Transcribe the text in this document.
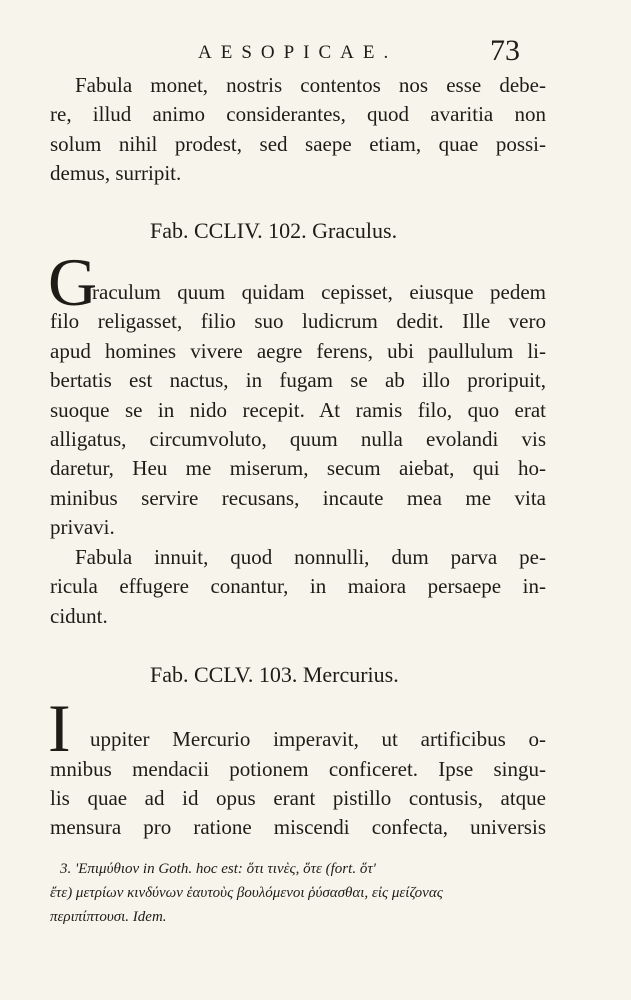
AESOPICAE.	73
Fabula monet, nostris contentos nos esse debe-
re, illud animo considerantes, quod avaritia non
solum nihil prodest, sed saepe etiam, quae possi-
demus, surripit.
Fab. CCLIV. 102. Graculus.
G
raculum quum quidam cepisset, eiusque pedem
filo religasset, filio suo ludicrum dedit. Ille vero
apud homines vivere aegre ferens, ubi paullulum li-
bertatis est nactus, in fugam se ab illo proripuit,
suoque se in nido recepit. At ramis filo, quo erat
alligatus, circumvoluto, quum nulla evolandi vis
daretur, Heu me miserum, secum aiebat, qui ho-
minibus servire recusans, incaute mea me vita
privavi.
Fabula innuit, quod nonnulli, dum parva pe-
ricula effugere conantur, in maiora persaepe in-
cidunt.
Fab. CCLV. 103. Mercurius.
I uppiter Mercurio imperavit, ut artificibus o-
mnibus mendacii potionem conficeret. Ipse singu-
lis quae ad id opus erant pistillo contusis, atque
mensura pro ratione miscendi confecta, universis
3. 'Επιμύθιον in Goth. hoc est: ὅτι τινὲς, ὅτε (fort. ὅτ'
ἔτε) μετρίων κινδύνων ἑαυτοὺς βουλόμενοι ῥύσασθαι, εἰς μείζονας
περιπίπτουσι. Idem.
